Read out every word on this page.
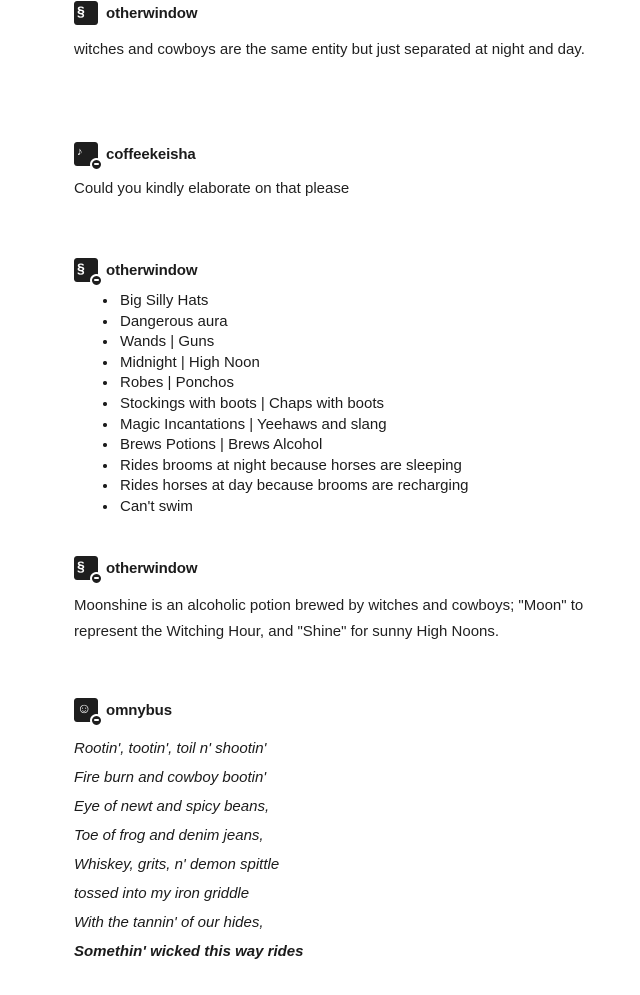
§ otherwindow
witches and cowboys are the same entity but just separated at night and day.
♪ coffeekeisha
Could you kindly elaborate on that please
§ otherwindow
• Big Silly Hats
• Dangerous aura
• Wands | Guns
• Midnight | High Noon
• Robes | Ponchos
• Stockings with boots | Chaps with boots
• Magic Incantations | Yeehaws and slang
• Brews Potions | Brews Alcohol
• Rides brooms at night because horses are sleeping
• Rides horses at day because brooms are recharging
• Can't swim
§ otherwindow
Moonshine is an alcoholic potion brewed by witches and cowboys; "Moon" to represent the Witching Hour, and "Shine" for sunny High Noons.
☺ omnybus
Rootin', tootin', toil n' shootin'
Fire burn and cowboy bootin'
Eye of newt and spicy beans,
Toe of frog and denim jeans,
Whiskey, grits, n' demon spittle
tossed into my iron griddle
With the tannin' of our hides,
Somethin' wicked this way rides
